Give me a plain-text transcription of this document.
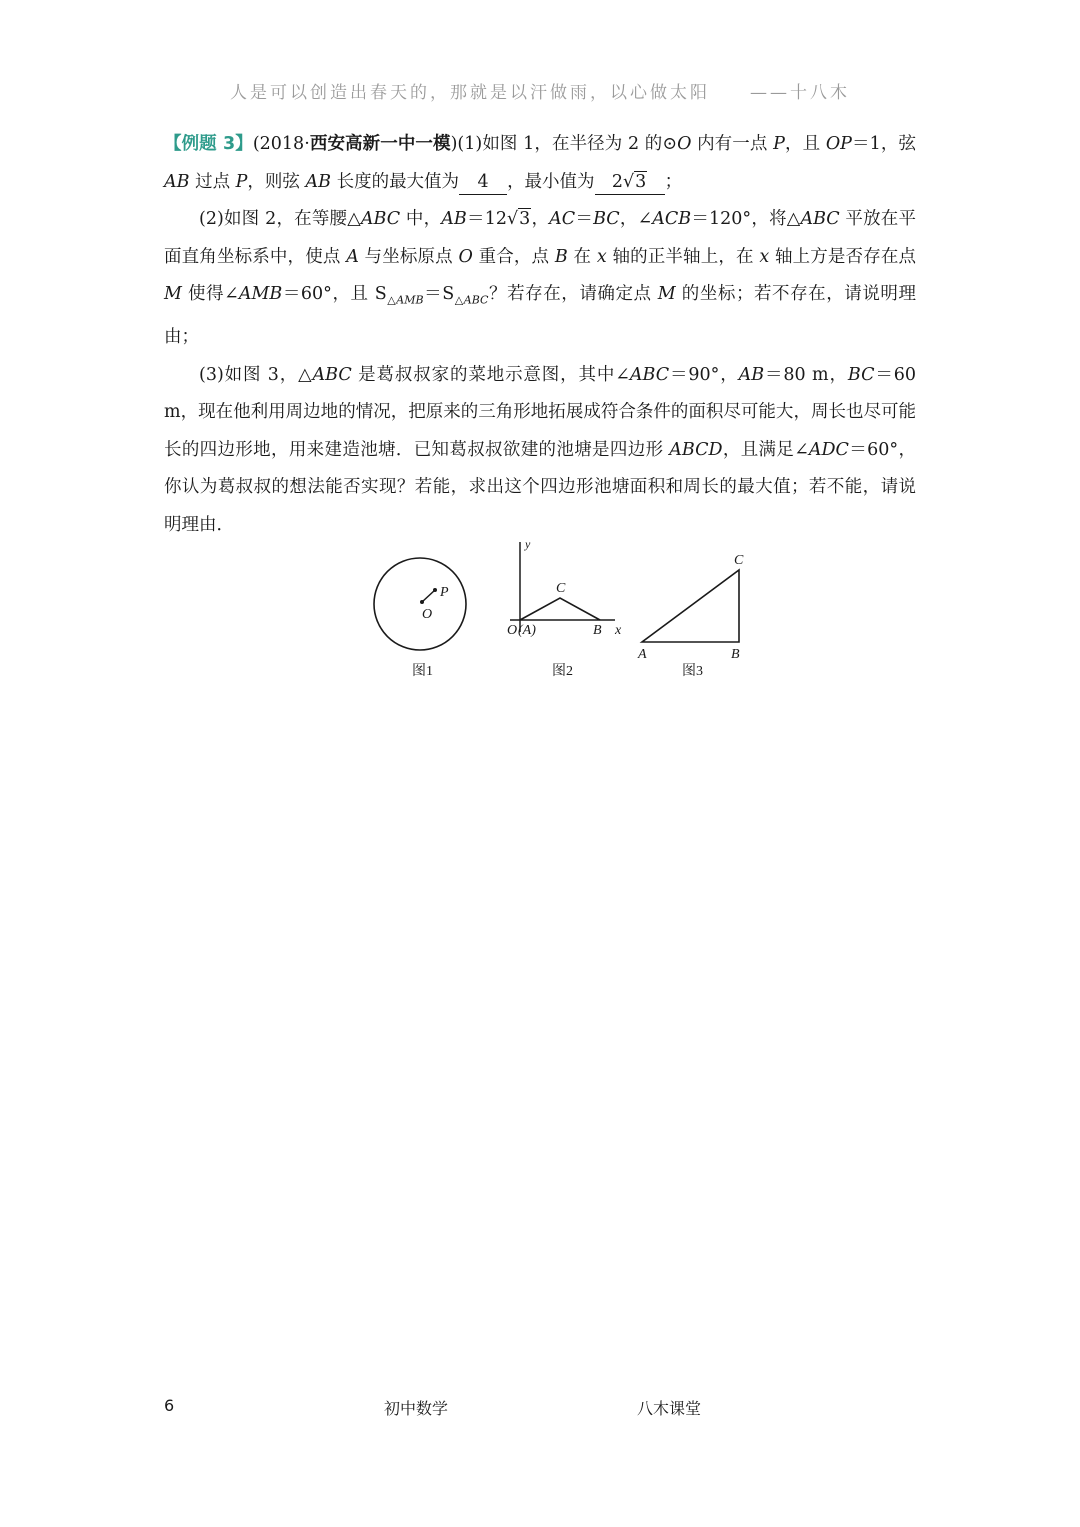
人是可以创造出春天的，那就是以汗做雨，以心做太阳 ——十八木

【例题 3】(2018·西安高新一中一模)(1)如图 1，在半径为 2 的⊙O 内有一点 P，且 OP＝1，弦 AB 过点 P，则弦 AB 长度的最大值为 4 ，最小值为 2√3 ；

(2)如图 2，在等腰△ABC 中，AB＝12√3，AC＝BC，∠ACB＝120°，将△ABC 平放在平面直角坐标系中，使点 A 与坐标原点 O 重合，点 B 在 x 轴的正半轴上，在 x 轴上方是否存在点 M 使得∠AMB＝60°，且 $S_{\triangle AMB}=S_{\triangle ABC}$？若存在，请确定点 M 的坐标；若不存在，请说明理由；

(3)如图 3，△ABC 是葛叔叔家的菜地示意图，其中∠ABC＝90°，AB＝80 m，BC＝60 m，现在他利用周边地的情况，把原来的三角形地拓展成符合条件的面积尽可能大，周长也尽可能长的四边形地，用来建造池塘．已知葛叔叔欲建的池塘是四边形 ABCD，且满足∠ADC＝60°，你认为葛叔叔的想法能否实现？若能，求出这个四边形池塘面积和周长的最大值；若不能，请说明理由．

O
P
图1
y
C
O (A)	B x
图2
A	B
C
图3
6	初中数学	八木课堂
